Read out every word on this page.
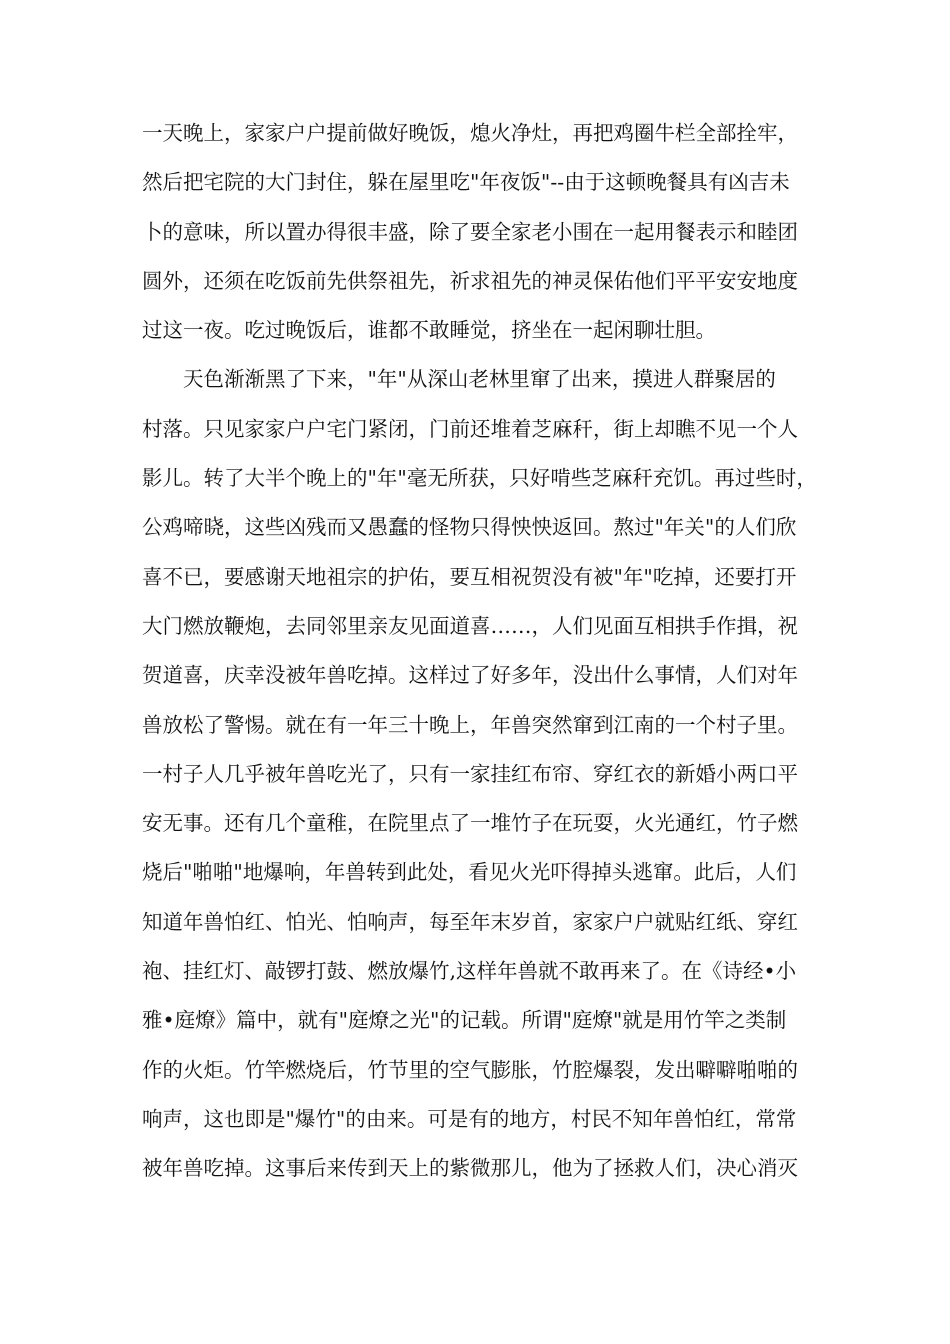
一天晚上，家家户户提前做好晚饭，熄火净灶，再把鸡圈牛栏全部拴牢，
然后把宅院的大门封住，躲在屋里吃"年夜饭"--由于这顿晚餐具有凶吉未
卜的意味，所以置办得很丰盛，除了要全家老小围在一起用餐表示和睦团
圆外，还须在吃饭前先供祭祖先，祈求祖先的神灵保佑他们平平安安地度
过这一夜。吃过晚饭后，谁都不敢睡觉，挤坐在一起闲聊壮胆。
天色渐渐黑了下来，"年"从深山老林里窜了出来，摸进人群聚居的
村落。只见家家户户宅门紧闭，门前还堆着芝麻秆，街上却瞧不见一个人
影儿。转了大半个晚上的"年"毫无所获，只好啃些芝麻秆充饥。再过些时，
公鸡啼晓，这些凶残而又愚蠢的怪物只得怏怏返回。熬过"年关"的人们欣
喜不已，要感谢天地祖宗的护佑，要互相祝贺没有被"年"吃掉，还要打开
大门燃放鞭炮，去同邻里亲友见面道喜……，人们见面互相拱手作揖，祝
贺道喜，庆幸没被年兽吃掉。这样过了好多年，没出什么事情，人们对年
兽放松了警惕。就在有一年三十晚上，年兽突然窜到江南的一个村子里。
一村子人几乎被年兽吃光了，只有一家挂红布帘、穿红衣的新婚小两口平
安无事。还有几个童稚，在院里点了一堆竹子在玩耍，火光通红，竹子燃
烧后"啪啪"地爆响，年兽转到此处，看见火光吓得掉头逃窜。此后，人们
知道年兽怕红、怕光、怕响声，每至年末岁首，家家户户就贴红纸、穿红
袍、挂红灯、敲锣打鼓、燃放爆竹,这样年兽就不敢再来了。在《诗经•小
雅•庭燎》篇中，就有"庭燎之光"的记载。所谓"庭燎"就是用竹竿之类制
作的火炬。竹竿燃烧后，竹节里的空气膨胀，竹腔爆裂，发出噼噼啪啪的
响声，这也即是"爆竹"的由来。可是有的地方，村民不知年兽怕红，常常
被年兽吃掉。这事后来传到天上的紫微那儿，他为了拯救人们，决心消灭
